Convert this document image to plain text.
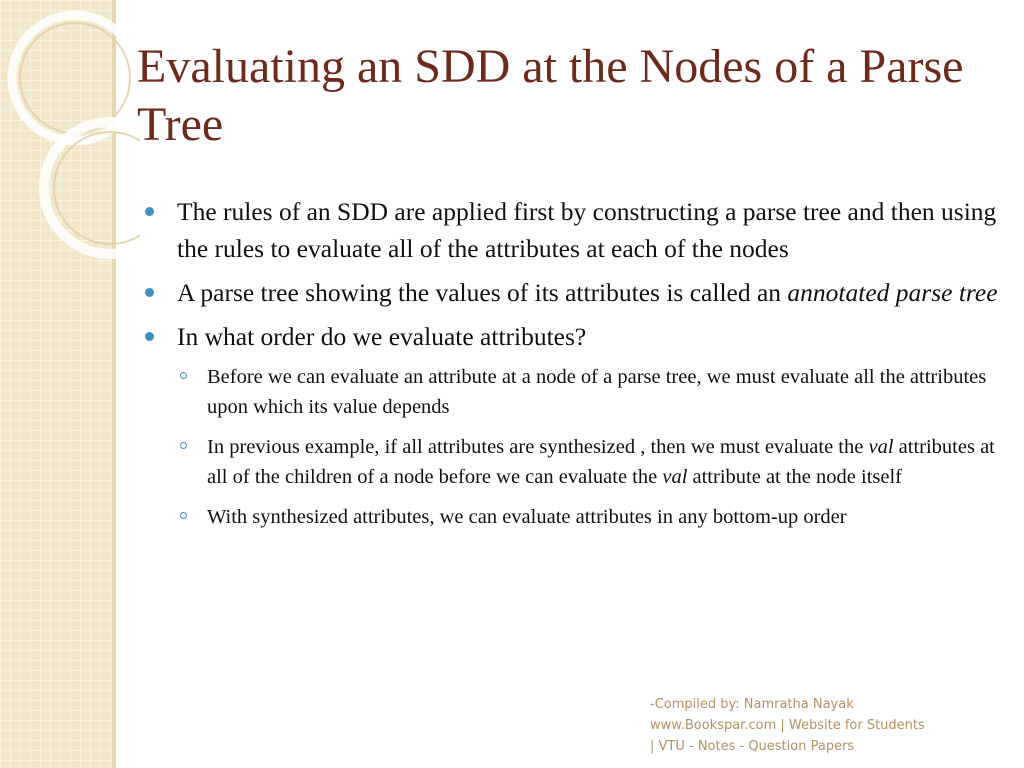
Evaluating an SDD at the Nodes of a Parse Tree
The rules of an SDD are applied first by constructing a parse tree and then using the rules to evaluate all of the attributes at each of the nodes
A parse tree showing the values of its attributes is called an annotated parse tree
In what order do we evaluate attributes?
Before we can evaluate an attribute at a node of a parse tree, we must evaluate all the attributes upon which its value depends
In previous example, if all attributes are synthesized , then we must evaluate the val attributes at all of the children of a node before we can evaluate the val attribute at the node itself
With synthesized attributes, we can evaluate attributes in any bottom-up order
-Compiled by: Namratha Nayak
www.Bookspar.com | Website for Students
| VTU - Notes - Question Papers
